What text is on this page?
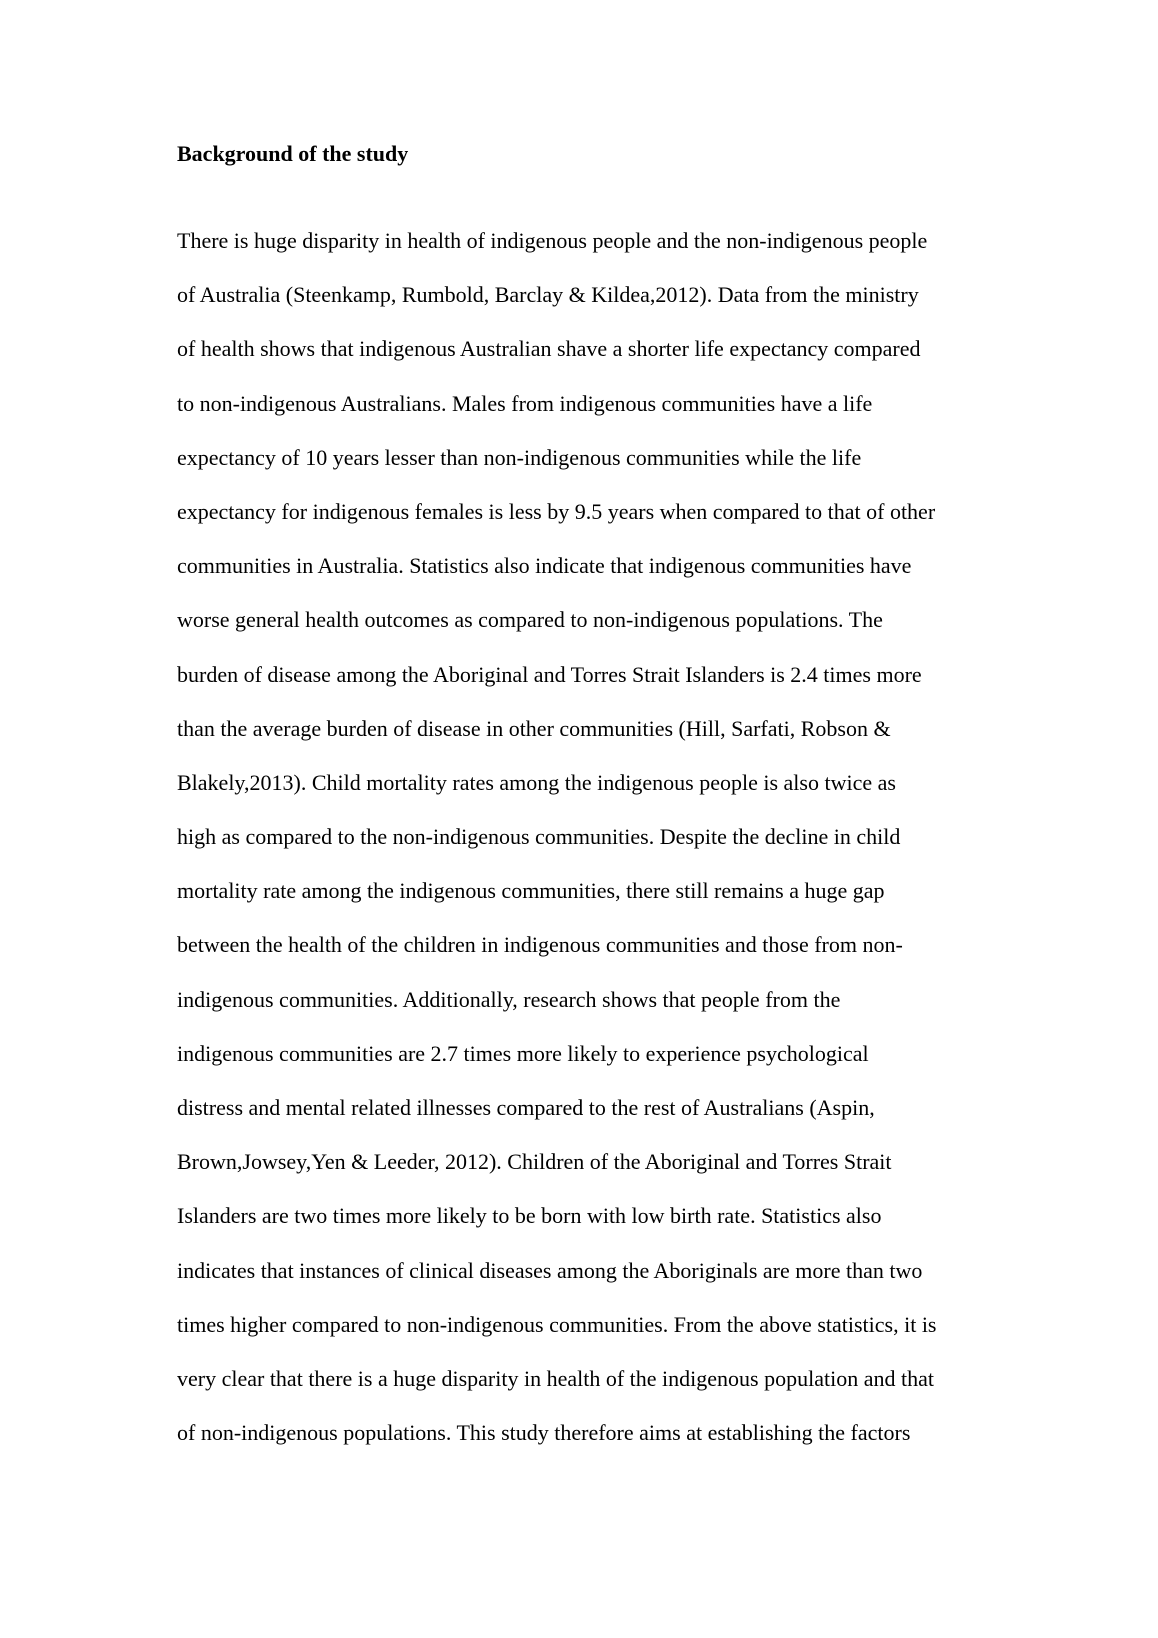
Background of the study
There is huge disparity in health of indigenous people and the non-indigenous people
of Australia (Steenkamp, Rumbold, Barclay & Kildea,2012). Data from the ministry
of health shows that indigenous Australian shave a shorter life expectancy compared
to non-indigenous Australians. Males from indigenous communities have a life
expectancy of 10 years lesser than non-indigenous communities while the life
expectancy for indigenous females is less by 9.5 years when compared to that of other
communities in Australia. Statistics also indicate that indigenous communities have
worse general health outcomes as compared to non-indigenous populations. The
burden of disease among the Aboriginal and Torres Strait Islanders is 2.4 times more
than the average burden of disease in other communities (Hill, Sarfati, Robson &
Blakely,2013). Child mortality rates among the indigenous people is also twice as
high as compared to the non-indigenous communities. Despite the decline in child
mortality rate among the indigenous communities, there still remains a huge gap
between the health of the children in indigenous communities and those from non-
indigenous communities. Additionally, research shows that people from the
indigenous communities are 2.7 times more likely to experience psychological
distress and mental related illnesses compared to the rest of Australians (Aspin,
Brown,Jowsey,Yen & Leeder, 2012). Children of the Aboriginal and Torres Strait
Islanders are two times more likely to be born with low birth rate. Statistics also
indicates that instances of clinical diseases among the Aboriginals are more than two
times higher compared to non-indigenous communities. From the above statistics, it is
very clear that there is a huge disparity in health of the indigenous population and that
of non-indigenous populations. This study therefore aims at establishing the factors
